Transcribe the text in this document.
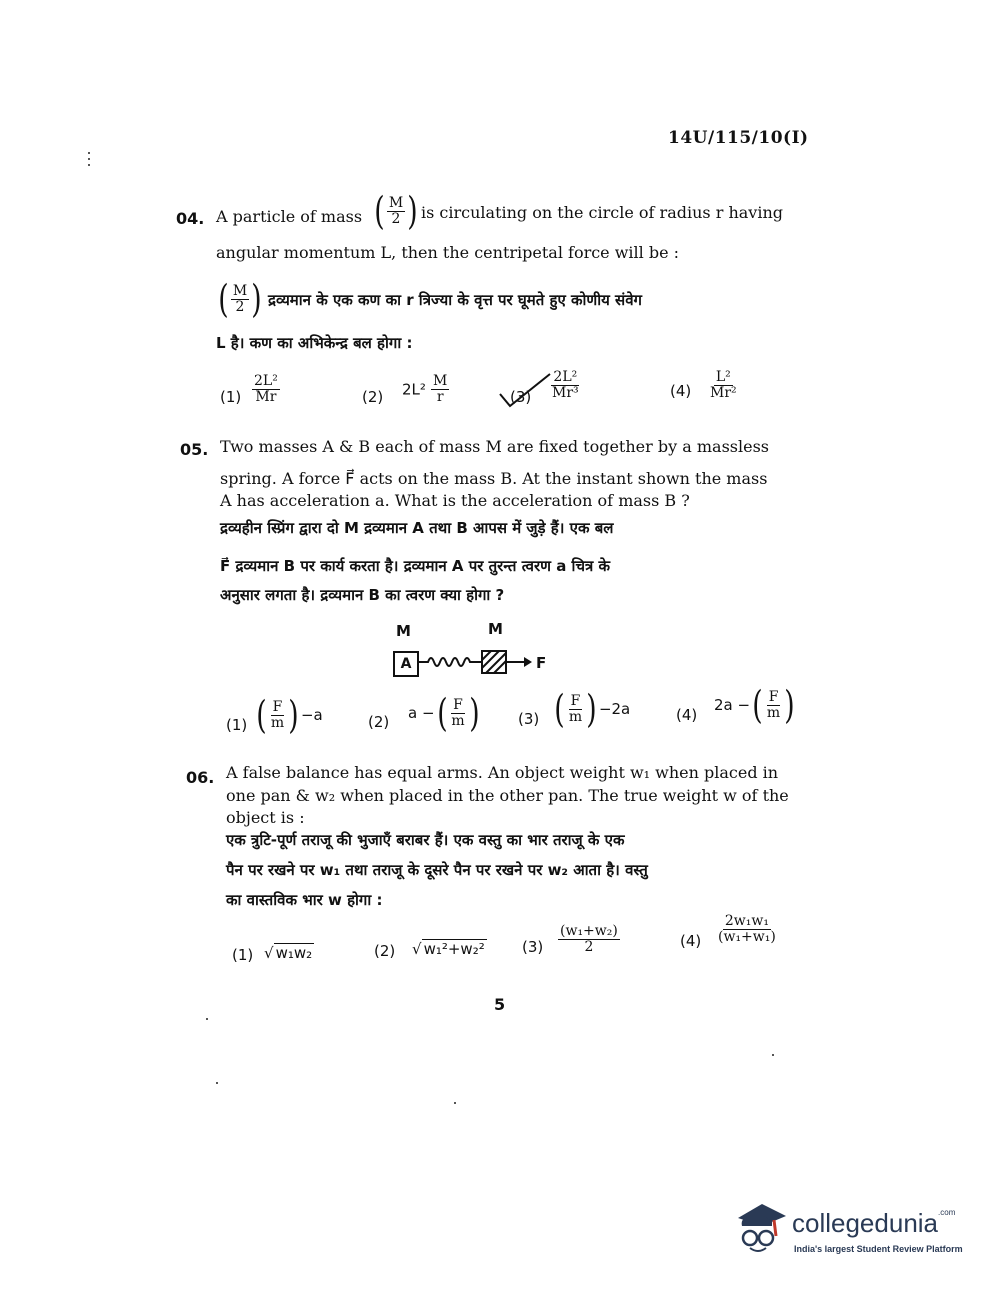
14U/115/10(I)
04. A particle of mass ( $\frac{M}{2}$ ) is circulating on the circle of radius r having
angular momentum L, then the centripetal force will be :
( $\frac{M}{2}$ ) द्रव्यमान के एक कण का r त्रिज्या के वृत्त पर घूमते हुए कोणीय संवेग
L है। कण का अभिकेन्द्र बल होगा :
$(1) \frac{\text{2L²}}{Mr}$	(2) $2L^2 \frac{M}{r}$	$(3) \frac{\text{2L²}}{\text{Mr³}}$	$(4) \frac{\text{L²}}{\text{Mr²}}$
05. Two masses A & B each of mass M are fixed together by a massless
spring. A force F⃗ acts on the mass B. At the instant shown the mass
A has acceleration a. What is the acceleration of mass B ?
द्रव्यहीन स्प्रिंग द्वारा दो M द्रव्यमान A तथा B आपस में जुड़े हैं। एक बल
F⃗ द्रव्यमान B पर कार्य करता है। द्रव्यमान A पर तुरन्त त्वरण a चित्र के
अनुसार लगता है। द्रव्यमान B का त्वरण क्या होगा ?
M	M
A	F
(1) ( $\frac{F}{m}$ ) −a	(2) a − ( $\frac{F}{m}$ )	(3) ( $\frac{F}{m}$ ) −2a	(4)
2a − ( $\frac{F}{m}$ )
06. A false balance has equal arms. An object weight w₁ when placed in
one pan & w₂ when placed in the other pan. The true weight w of the
object is :
एक त्रुटि-पूर्ण तराजू की भुजाएँ बराबर हैं। एक वस्तु का भार तराजू के एक
पैन पर रखने पर w₁ तथा तराजू के दूसरे पैन पर रखने पर w₂ आता है। वस्तु
का वास्तविक भार w होगा :
(1) √ w₁w₂	(2) √ w₁²+w₂² $(3) \frac{\text{(w₁+w₂)}}{2}$	$(4) \frac{\text{2w₁w₁}}{\text{(w₁+w₁)}}$
5
collegedunia$^{.com}$
India's largest Student Review Platform
